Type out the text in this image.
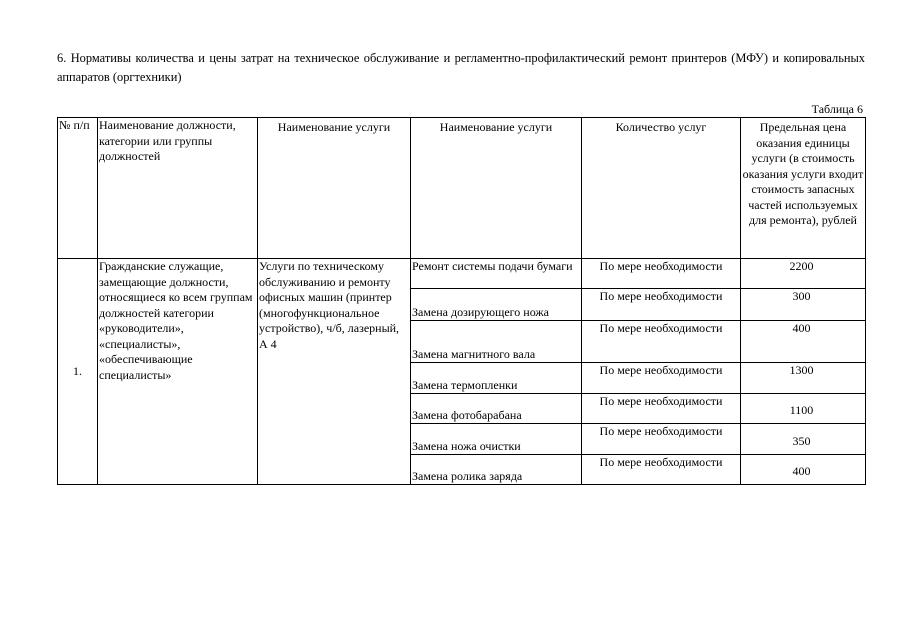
6. Нормативы количества и цены затрат на техническое обслуживание и регламентно-профилактический ремонт принтеров (МФУ) и копировальных аппаратов (оргтехники)
Таблица 6
№ п/п	Наименование должности, категории или группы должностей	Наименование услуги	Наименование услуги	Количество услуг	Предельная цена оказания единицы услуги (в стоимость оказания услуги входит стоимость запасных частей используемых для ремонта), рублей
1.	Гражданские служащие, замещающие должности, относящиеся ко всем группам должностей категории «руководители», «специалисты», «обеспечивающие специалисты»	Услуги по техническому обслуживанию и ремонту офисных машин (принтер (многофункциональное устройство), ч/б, лазерный, А 4	Ремонт системы подачи бумаги	По мере необходимости	2200
			Замена дозирующего ножа	По мере необходимости	300
			Замена магнитного вала	По мере необходимости	400
			Замена термопленки	По мере необходимости	1300
			Замена фотобарабана	По мере необходимости	1100
			Замена ножа очистки	По мере необходимости	350
			Замена ролика заряда	По мере необходимости	400
